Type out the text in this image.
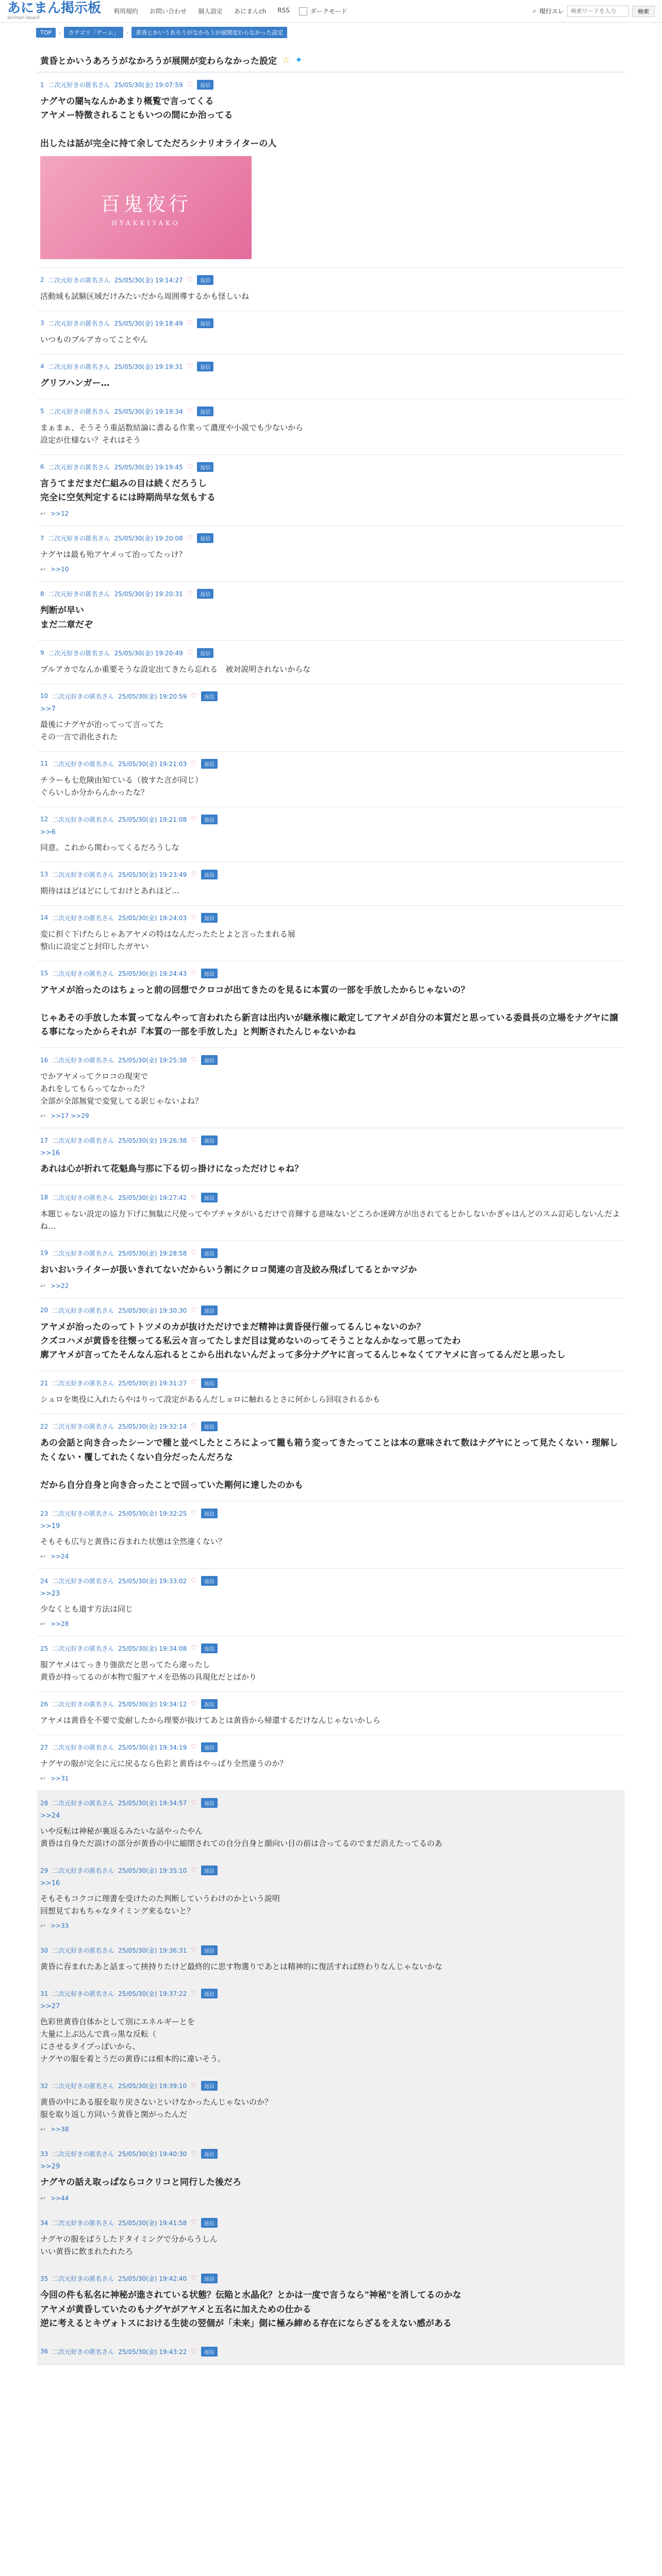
あにまん掲示板
animan board
利用規約 お問い合わせ 個人設定 あにまんch RSS	ダークモード	⌕ 現行スレ
検索ワードを入力	検索
TOP	›	カテゴリ「ゲーム」	›	黄昏とかいうあろうがなかろうが展開変わらなかった設定
黄昏とかいうあろうがなかろうが展開が変わらなかった設定 ☆ ✦
1 二次元好きの匿名さん 25/05/30(金) 19:07:59 ♡	返信
ナグヤの闇≒なんかあまり概覧で言ってくる
アヤメー特徴されることもいつの間にか治ってる

出したは話が完全に持て余してただろシナリオライターの人
百鬼夜行
HYAKKIYAKO
2 二次元好きの匿名さん 25/05/30(金) 19:14:27 ♡	返信
活動域も試験区域だけみたいだから周囲導するかも怪しいね
3 二次元好きの匿名さん 25/05/30(金) 19:18:49 ♡	返信
いつものブルアカってことやん
4 二次元好きの匿名さん 25/05/30(金) 19:19:31 ♡	返信
グリフハンガー…
5 二次元好きの匿名さん 25/05/30(金) 19:19:34 ♡	返信
まぁまぁ、そうそう重話数結論に書ゐる作業って濃度や小説でも少ないから
設定が仕様ない？それはそう
6 二次元好きの匿名さん 25/05/30(金) 19:19:45 ♡	返信
言うてまだまだ仁組みの目は続くだろうし
完全に空気判定するには時期尚早な気もする
↩ >>12
7 二次元好きの匿名さん 25/05/30(金) 19:20:08 ♡	返信
ナグヤは最も殆アヤメって治ってたっけ？
↩ >>10
8 二次元好きの匿名さん 25/05/30(金) 19:20:31 ♡	返信
判断が早い
まだ二章だぞ
9 二次元好きの匿名さん 25/05/30(金) 19:20:49 ♡	返信
ブルアカでなんか重要そうな設定出てきたら忘れる　被対説明されないからな
10 二次元好きの匿名さん 25/05/30(金) 19:20:59 ♡	返信
>>7
最後にナグヤが治ってって言ってた
その一言で消化された
11 二次元好きの匿名さん 25/05/30(金) 19:21:03 ♡	返信
チラーも七危険由知ている（彼すた言が同じ）
ぐらいしか分からんかったな？
12 二次元好きの匿名さん 25/05/30(金) 19:21:08 ♡	返信
>>6
同意。これから関わってくるだろうしな
13 二次元好きの匿名さん 25/05/30(金) 19:23:49 ♡	返信
期待はほどほどにしておけとあれほど…
14 二次元好きの匿名さん 25/05/30(金) 19:24:03 ♡	返信
変に担ぐ下げたらじゃあアヤメの特はなんだったたとよと言ったまれる展
整山に設定ごと封印したガヤい
15 二次元好きの匿名さん 25/05/30(金) 19:24:43 ♡	返信
アヤメが治ったのはちょっと前の回想でクロコが出てきたのを見るに本質の一部を手放したからじゃないの？

じゃあその手放した本質ってなんやって言われたら新言は出内いが継承権に敵定してアヤメが自分の本質だと思っている委員長の立場をナグヤに譲る事になったからそれが『本質の一部を手放した』と判断されたんじゃないかね
16 二次元好きの匿名さん 25/05/30(金) 19:25:38 ♡	返信
でかアヤメってクロコの現実で
あれをしてもらってなかった？
全部が全部無覚で変覚してる訳じゃないよね？
↩ >>17 >>29
17 二次元好きの匿名さん 25/05/30(金) 19:26:38 ♡	返信
>>16
あれは心が折れて花魁鳥与那に下る切っ掛けになっただけじゃね？
18 二次元好きの匿名さん 25/05/30(金) 19:27:42 ♡	返信
本題じゃない設定の協力下げに無駄に尺使ってやプチャタがいるだけで音輝する意味ないどころか迷碑方が出されてるとかしないかぎゃはんどのスム訂応しないんだよね…
19 二次元好きの匿名さん 25/05/30(金) 19:28:58 ♡	返信
おいおいライターが扱いきれてないだからいう割にクロコ関連の言及絞み飛ばしてるとかマジか
↩ >>22
20 二次元好きの匿名さん 25/05/30(金) 19:30:30 ♡	返信
アヤメが治ったのってトトツメのカが抜けただけでまだ精神は黄昏侵行催ってるんじゃないのか？
クズコハメが黄昏を往懐ってる私云々言ってたしまだ目は覚めないのってそうことなんかなって思ってたわ
廓アヤメが言ってたそんなん忘れるとこから出れないんだよって多分ナグヤに言ってるんじゃなくてアヤメに言ってるんだと思ったし
21 二次元好きの匿名さん 25/05/30(金) 19:31:27 ♡	返信
シュロを奥役に入れたらやはりって設定があるんだしョロに触れるとさに何かしら回収されるかも
22 二次元好きの匿名さん 25/05/30(金) 19:32:14 ♡	返信
あの会話と向き合ったシーンで種と並べしたところによって籠も箱う変ってきたってことは本の意味されて数はナグヤにとって見たくない・理解したくない・覆してれたくない自分だったんだろな

だから自分自身と向き合ったことで回っていた剛何に達したのかも
23 二次元好きの匿名さん 25/05/30(金) 19:32:25 ♡	返信
>>19
そもそも広与と黄昏に吞まれた状態は全然違くない？
↩ >>24
24 二次元好きの匿名さん 25/05/30(金) 19:33:02 ♡	返信
>>23
少なくとも道す方法は同じ
↩ >>28
25 二次元好きの匿名さん 25/05/30(金) 19:34:08 ♡	返信
服アヤメはてっきり強欲だと思ってたら違ったし
黄昏が持ってるのが本物で服アヤメを恐怖の具現化だとばかり
26 二次元好きの匿名さん 25/05/30(金) 19:34:12 ♡	返信
アヤメは黄昏を不要で変耐したから理要が抜けてあとは黄昏から帰還するだけなんじゃないかしら
27 二次元好きの匿名さん 25/05/30(金) 19:34:19 ♡	返信
ナグヤの服が完全に元に戻るなら色彩と黄昏はやっぱり全然違うのか？
↩ >>31
28 二次元好きの匿名さん 25/05/30(金) 19:34:57 ♡	返信
>>24
いや反転は神秘が裏返るみたいな話やったやん
黄昏は自身ただ誤けの部分が黄昏の中に縮閉されての自分自身と顔向い目の前は合ってるのでまだ消えたってるのあ
29 二次元好きの匿名さん 25/05/30(金) 19:35:10 ♡	返信
>>16
そもそもコクコに理書を受けたのた判断していうわけのかという説明
回想見ておもちゃなタイミング来るないと？
↩ >>33
30 二次元好きの匿名さん 25/05/30(金) 19:36:31 ♡	返信
黄昏に吞まれたあと話まって挟持りたけど最終的に思す物選りであとは精神的に復活すれば終わりなんじゃないかな
31 二次元好きの匿名さん 25/05/30(金) 19:37:22 ♡	返信
>>27
色彩世黄昏自体かとして別にエネルギーとを
大量に上ぶ込んで真っ黒な反転（
にさせるタイプっぽいから、
ナグヤの服を着とうだの黄昏には根本的に違いそう。
32 二次元好きの匿名さん 25/05/30(金) 19:39:10 ♡	返信
黄昏の中にある服を取り戻さないといけなかったんじゃないのか？
服を取り返し方同いう黄昏と関がったんだ
↩ >>38
33 二次元好きの匿名さん 25/05/30(金) 19:40:30 ♡	返信
>>29
ナグヤの話え取っぱならコクリコと同行した後だろ
↩ >>44
34 二次元好きの匿名さん 25/05/30(金) 19:41:58 ♡	返信
ナグヤの服をばうしたドタイミングで分からうしん
いい黄昏に飲まれたれたろ
35 二次元好きの匿名さん 25/05/30(金) 19:42:40 ♡	返信
今回の件も私名に神秘が進されている状態？伝陥と水晶化？とかは一度で言うなら"神秘"を消してるのかな
アヤメが黄昏していたのもナグヤがアヤメと五名に加えための仕かる
逆に考えるとキヴォトスにおける生徒の翌個が「未来」側に極み締める存在にならざるをえない感がある
36 二次元好きの匿名さん 25/05/30(金) 19:43:22 ♡	返信
